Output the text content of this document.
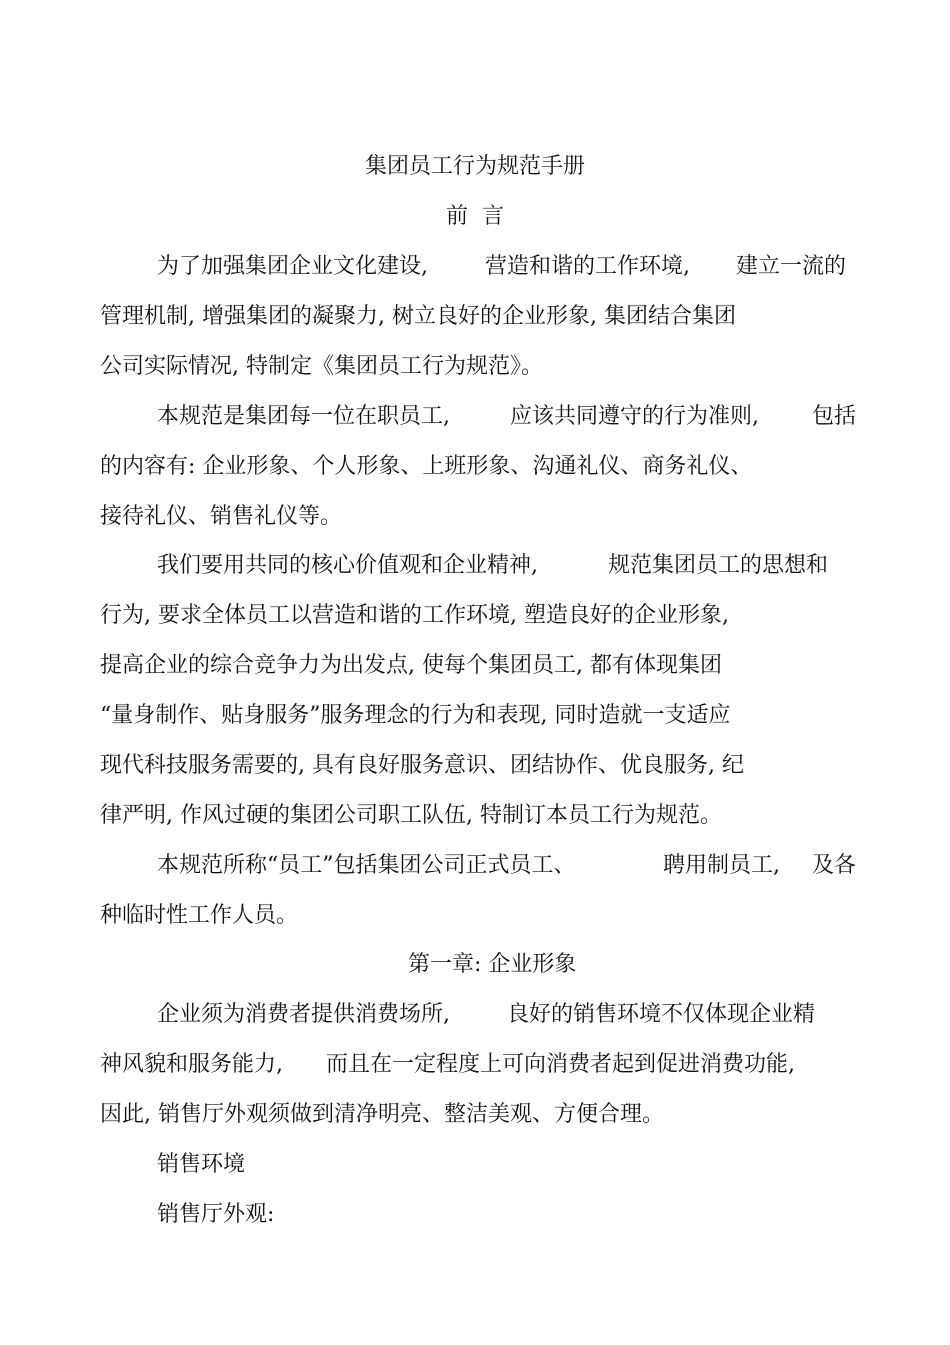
集团员工行为规范手册

前  言

为了加强集团企业文化建设,	营造和谐的工作环境, 建立一流的
管理机制, 增强集团的凝聚力, 树立良好的企业形象, 集团结合集团
公司实际情况, 特制定《集团员工行为规范》。
本规范是集团每一位在职员工,	应该共同遵守的行为准则, 包括
的内容有: 企业形象、个人形象、上班形象、沟通礼仪、商务礼仪、
接待礼仪、销售礼仪等。
我们要用共同的核心价值观和企业精神,	规范集团员工的思想和
行为, 要求全体员工以营造和谐的工作环境, 塑造良好的企业形象,
提高企业的综合竞争力为出发点, 使每个集团员工, 都有体现集团
“量身制作、贴身服务”服务理念的行为和表现, 同时造就一支适应
现代科技服务需要的, 具有良好服务意识、团结协作、优良服务, 纪
律严明, 作风过硬的集团公司职工队伍, 特制订本员工行为规范。
本规范所称“员工”包括集团公司正式员工、	聘用制员工, 及各
种临时性工作人员。
第一章: 企业形象
企业须为消费者提供消费场所,	良好的销售环境不仅体现企业精
神风貌和服务能力, 而且在一定程度上可向消费者起到促进消费功能,
因此, 销售厅外观须做到清净明亮、整洁美观、方便合理。
销售环境
销售厅外观:
